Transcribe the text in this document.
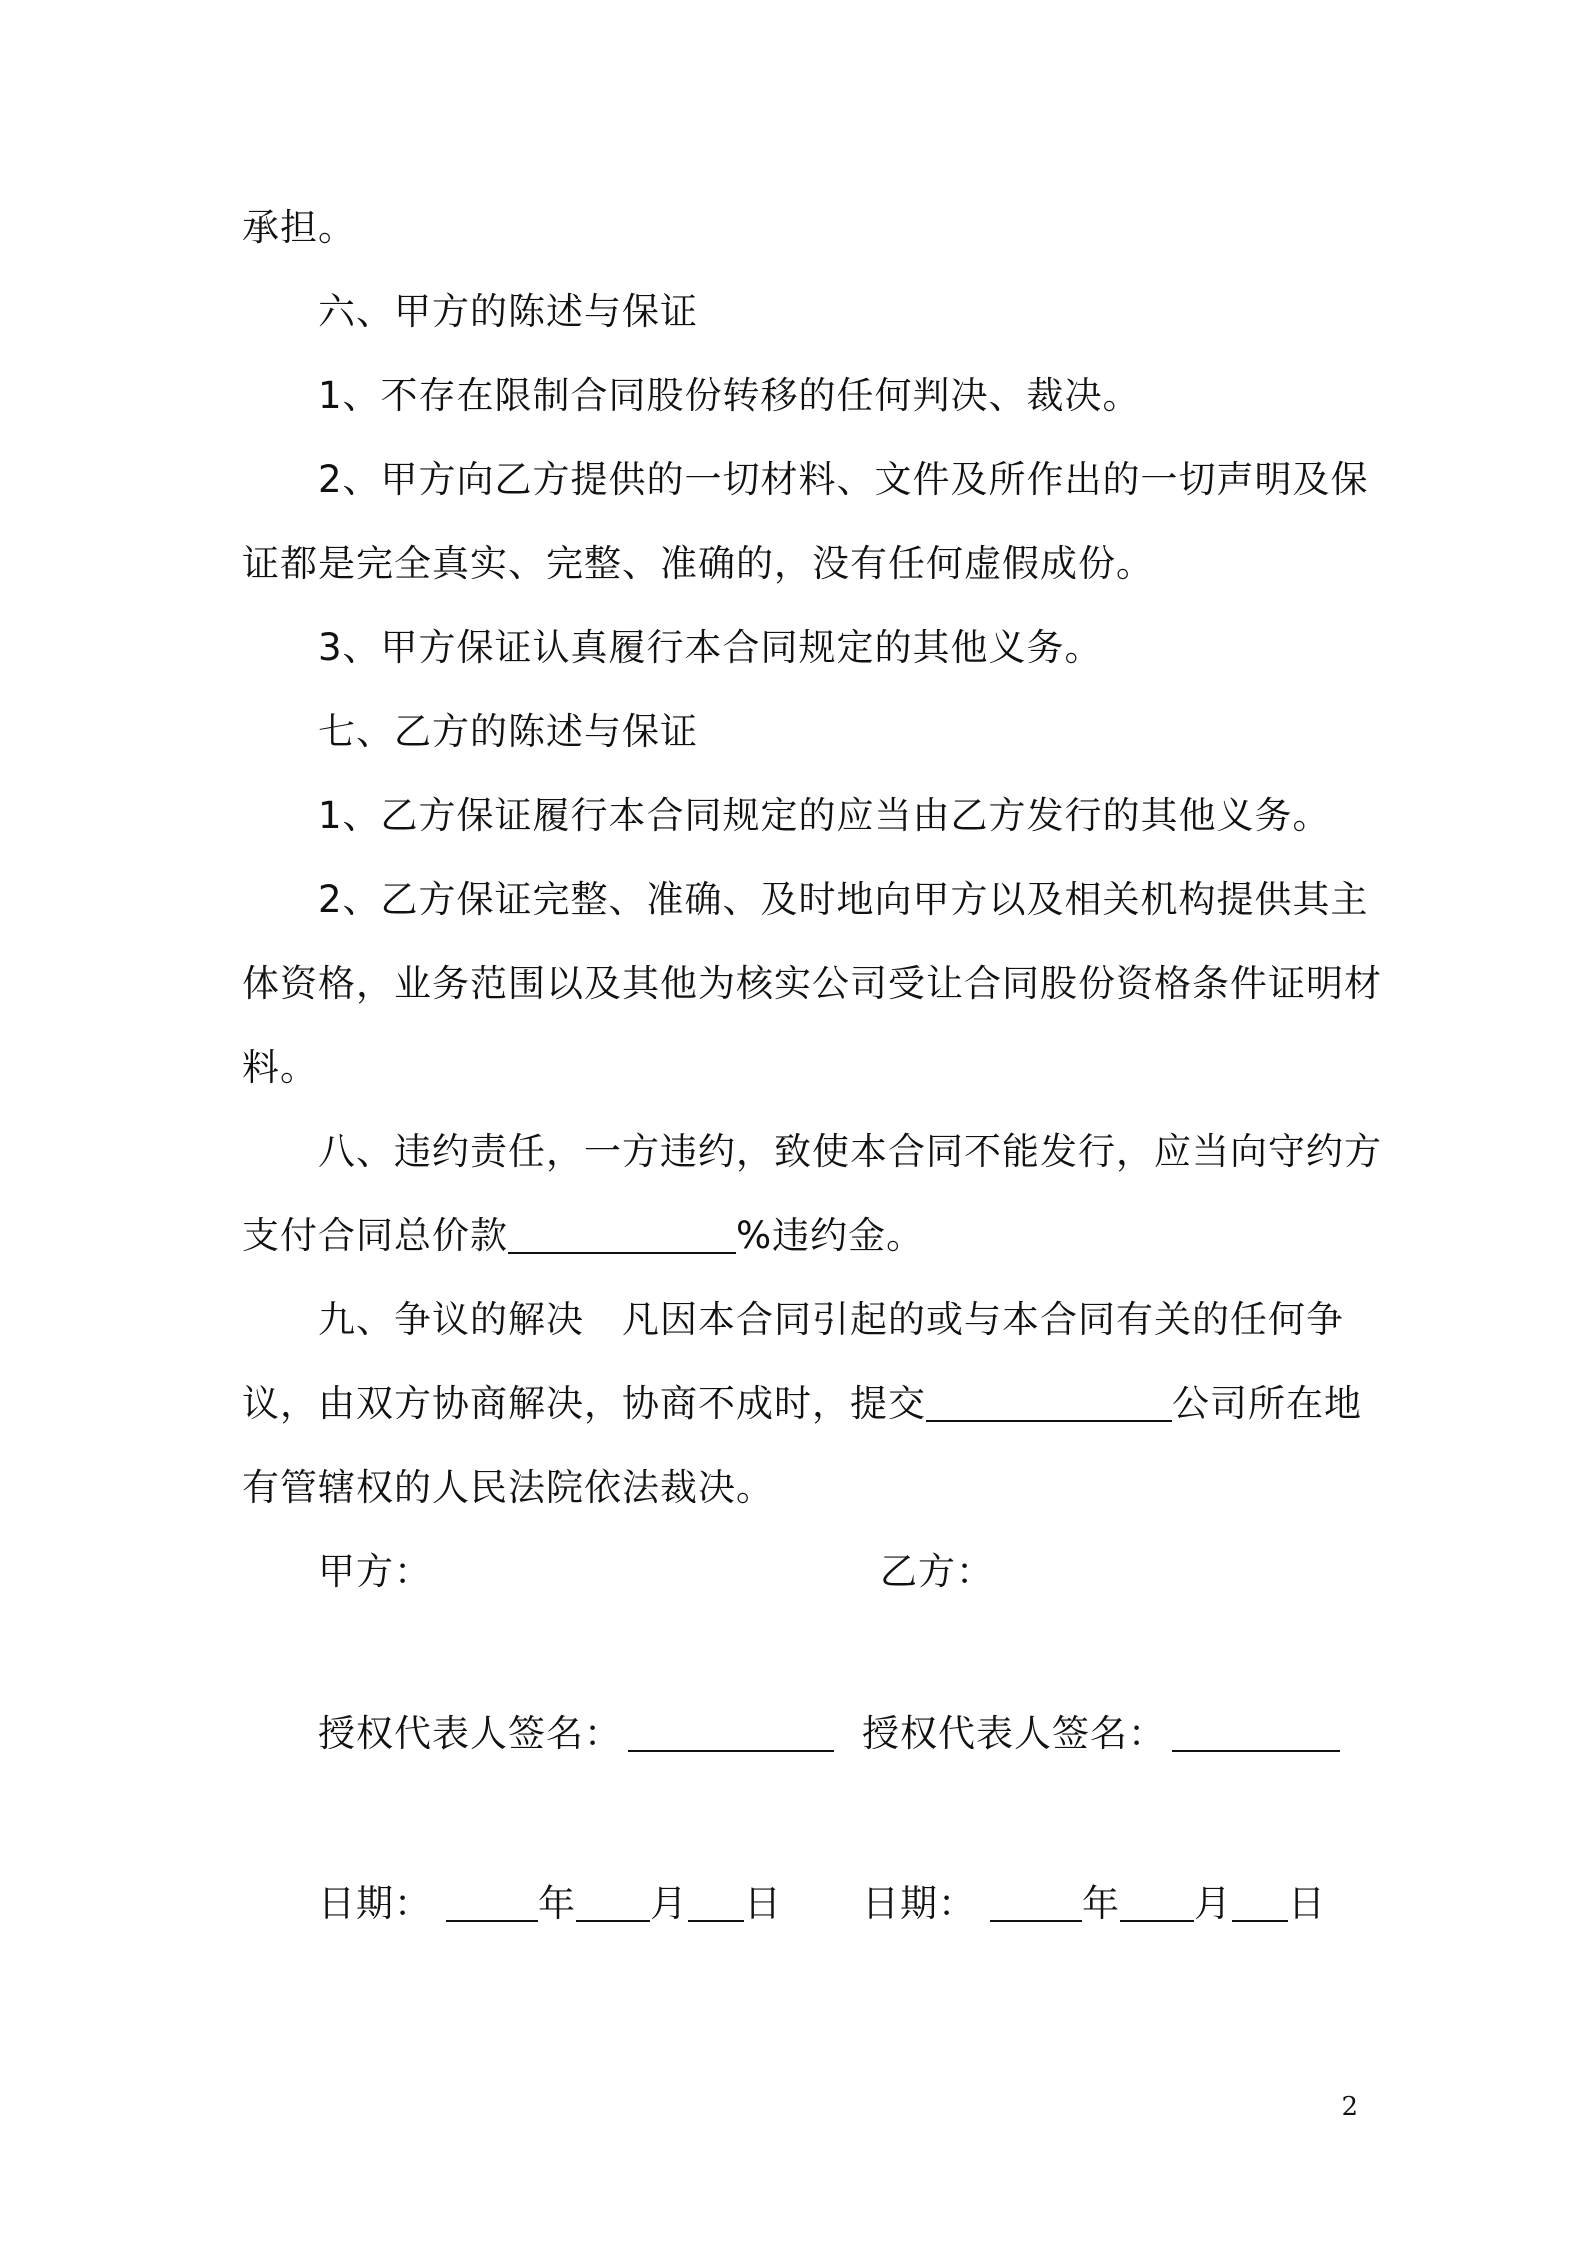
承担。
六、甲方的陈述与保证
1、不存在限制合同股份转移的任何判决、裁决。
2、甲方向乙方提供的一切材料、文件及所作出的一切声明及保
证都是完全真实、完整、准确的，没有任何虚假成份。
3、甲方保证认真履行本合同规定的其他义务。
七、乙方的陈述与保证
1、乙方保证履行本合同规定的应当由乙方发行的其他义务。
2、乙方保证完整、准确、及时地向甲方以及相关机构提供其主
体资格，业务范围以及其他为核实公司受让合同股份资格条件证明材
料。
八、违约责任，一方违约，致使本合同不能发行，应当向守约方
支付合同总价款	%违约金。
九、争议的解决　凡因本合同引起的或与本合同有关的任何争
议，由双方协商解决，协商不成时，提交	公司所在地
有管辖权的人民法院依法裁决。
甲方：	乙方：
授权代表人签名：	授权代表人签名：
日期：	年 月 日 日期：	年 月 日
2
